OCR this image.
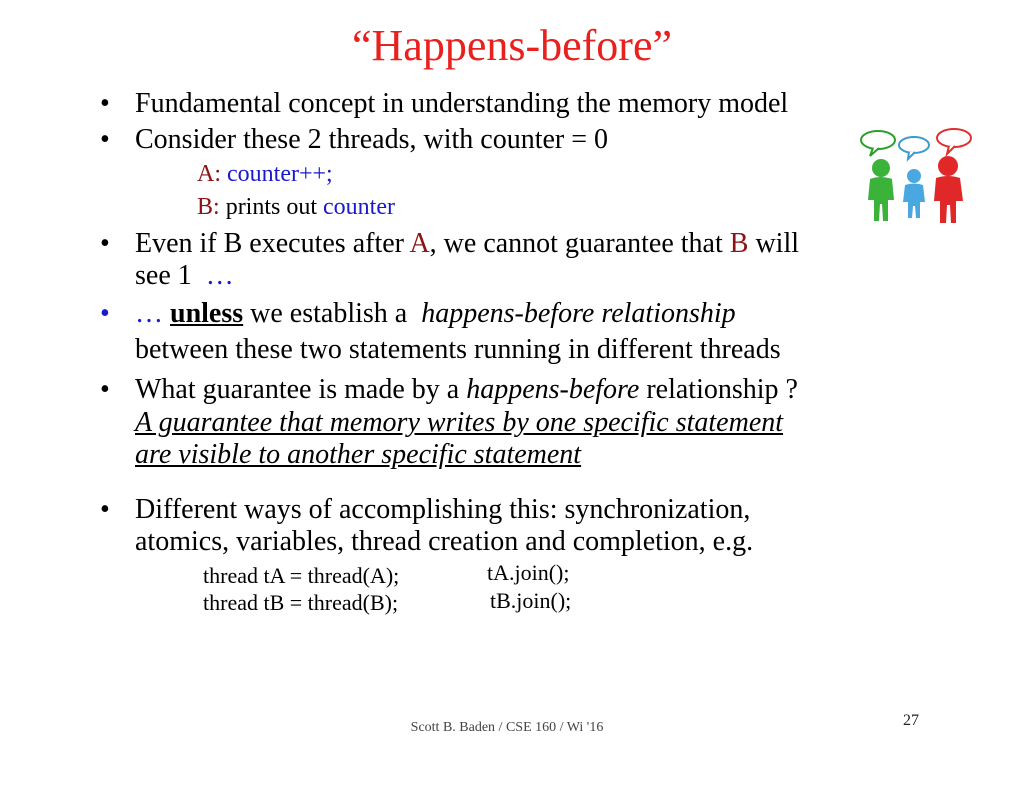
“Happens-before”
• Fundamental concept in understanding the memory model
• Consider these 2 threads, with counter = 0
A: counter++;
B: prints out counter
• Even if B executes after A, we cannot guarantee that B will
see 1 …
• … unless we establish a happens-before relationship
between these two statements running in different threads
• What guarantee is made by a happens-before relationship ?
A guarantee that memory writes by one specific statement
are visible to another specific statement
• Different ways of accomplishing this: synchronization,
atomics, variables, thread creation and completion, e.g.
thread tA = thread(A);
thread tB = thread(B);
tA.join();
tB.join();
Scott B. Baden / CSE 160 / Wi '16	27
